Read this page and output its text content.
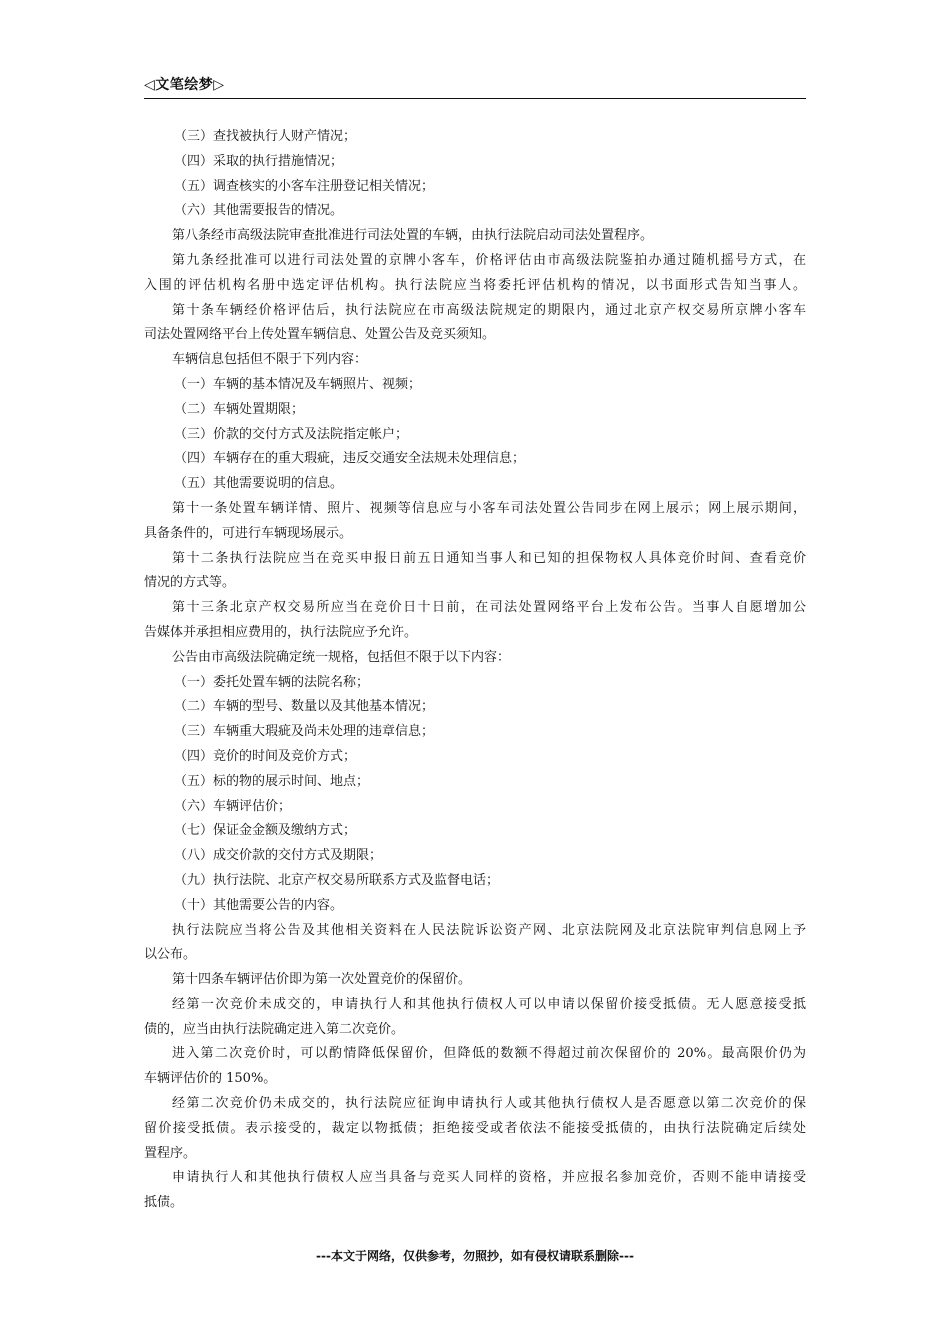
◁文笔绘梦▷
（三）查找被执行人财产情况；
（四）采取的执行措施情况；
（五）调查核实的小客车注册登记相关情况；
（六）其他需要报告的情况。
第八条经市高级法院审查批准进行司法处置的车辆，由执行法院启动司法处置程序。
第九条经批准可以进行司法处置的京牌小客车，价格评估由市高级法院鉴拍办通过随机摇号方式，在
入围的评估机构名册中选定评估机构。执行法院应当将委托评估机构的情况，以书面形式告知当事人。
第十条车辆经价格评估后，执行法院应在市高级法院规定的期限内，通过北京产权交易所京牌小客车
司法处置网络平台上传处置车辆信息、处置公告及竞买须知。
车辆信息包括但不限于下列内容：
（一）车辆的基本情况及车辆照片、视频；
（二）车辆处置期限；
（三）价款的交付方式及法院指定帐户；
（四）车辆存在的重大瑕疵，违反交通安全法规未处理信息；
（五）其他需要说明的信息。
第十一条处置车辆详情、照片、视频等信息应与小客车司法处置公告同步在网上展示；网上展示期间，
具备条件的，可进行车辆现场展示。
第十二条执行法院应当在竞买申报日前五日通知当事人和已知的担保物权人具体竞价时间、查看竞价
情况的方式等。
第十三条北京产权交易所应当在竞价日十日前，在司法处置网络平台上发布公告。当事人自愿增加公
告媒体并承担相应费用的，执行法院应予允许。
公告由市高级法院确定统一规格，包括但不限于以下内容：
（一）委托处置车辆的法院名称；
（二）车辆的型号、数量以及其他基本情况；
（三）车辆重大瑕疵及尚未处理的违章信息；
（四）竞价的时间及竞价方式；
（五）标的物的展示时间、地点；
（六）车辆评估价；
（七）保证金金额及缴纳方式；
（八）成交价款的交付方式及期限；
（九）执行法院、北京产权交易所联系方式及监督电话；
（十）其他需要公告的内容。
执行法院应当将公告及其他相关资料在人民法院诉讼资产网、北京法院网及北京法院审判信息网上予
以公布。
第十四条车辆评估价即为第一次处置竞价的保留价。
经第一次竞价未成交的，申请执行人和其他执行债权人可以申请以保留价接受抵债。无人愿意接受抵
债的，应当由执行法院确定进入第二次竞价。
进入第二次竞价时，可以酌情降低保留价，但降低的数额不得超过前次保留价的 20%。最高限价仍为
车辆评估价的 150%。
经第二次竞价仍未成交的，执行法院应征询申请执行人或其他执行债权人是否愿意以第二次竞价的保
留价接受抵债。表示接受的，裁定以物抵债；拒绝接受或者依法不能接受抵债的，由执行法院确定后续处
置程序。
申请执行人和其他执行债权人应当具备与竞买人同样的资格，并应报名参加竞价，否则不能申请接受
抵债。
---本文于网络，仅供参考，勿照抄，如有侵权请联系删除---
